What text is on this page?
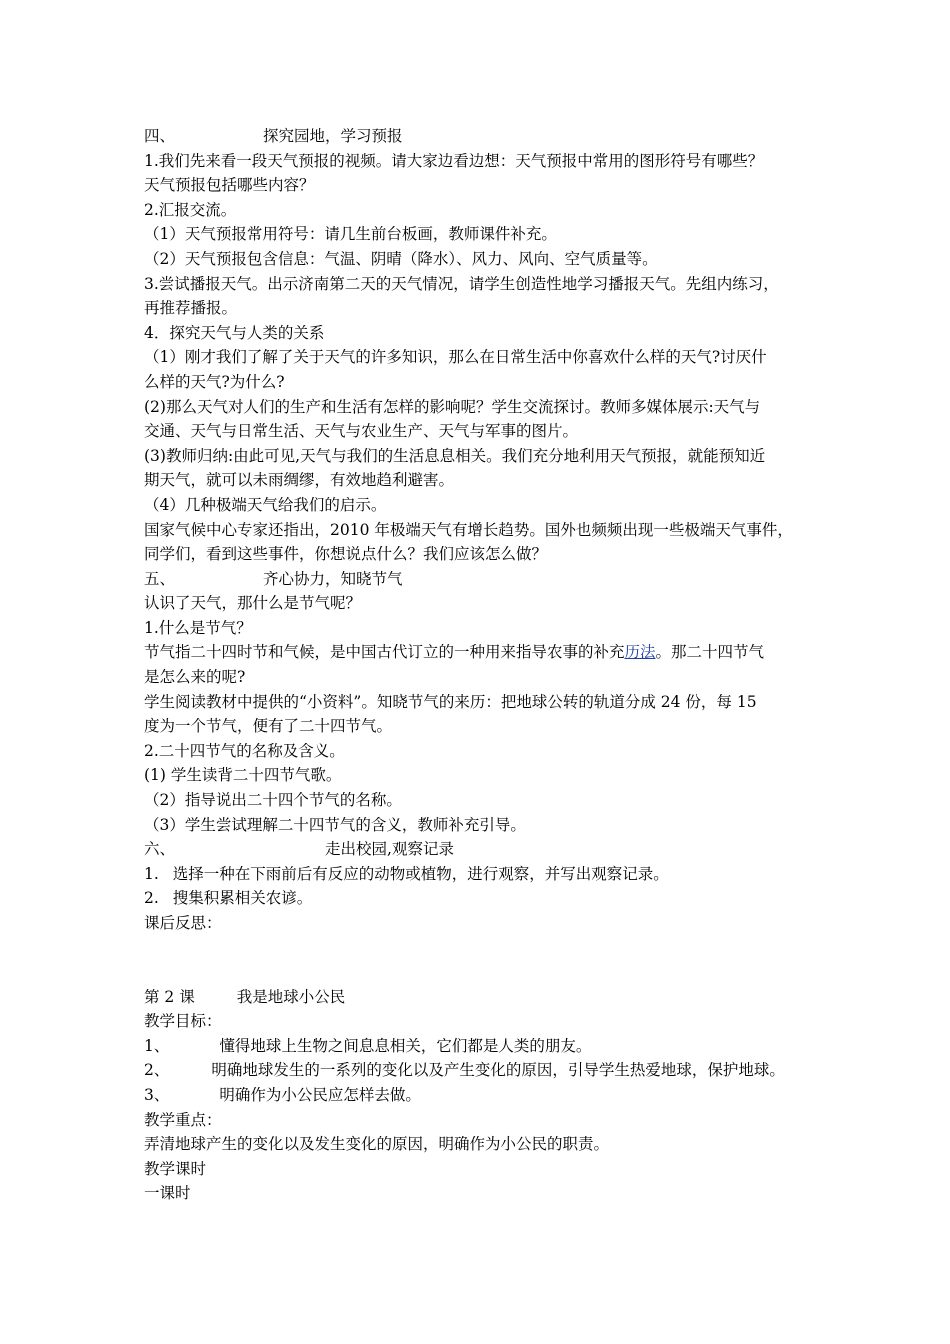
四、	探究园地，学习预报
1.我们先来看一段天气预报的视频。请大家边看边想：天气预报中常用的图形符号有哪些？
天气预报包括哪些内容？
2.汇报交流。
（1）天气预报常用符号：请几生前台板画，教师课件补充。
（2）天气预报包含信息：气温、阴晴（降水）、风力、风向、空气质量等。
3.尝试播报天气。出示济南第二天的天气情况，请学生创造性地学习播报天气。先组内练习，
再推荐播报。
4．探究天气与人类的关系
（1）刚才我们了解了关于天气的许多知识，那么在日常生活中你喜欢什么样的天气?讨厌什
么样的天气?为什么?
(2)那么天气对人们的生产和生活有怎样的影响呢？学生交流探讨。教师多媒体展示:天气与
交通、天气与日常生活、天气与农业生产、天气与军事的图片。
(3)教师归纳:由此可见,天气与我们的生活息息相关。我们充分地利用天气预报，就能预知近
期天气，就可以未雨绸缪，有效地趋利避害。
（4）几种极端天气给我们的启示。
国家气候中心专家还指出，2010 年极端天气有增长趋势。国外也频频出现一些极端天气事件，
同学们，看到这些事件，你想说点什么？我们应该怎么做？
五、	齐心协力，知晓节气
认识了天气，那什么是节气呢？
1.什么是节气？
节气指二十四时节和气候，是中国古代订立的一种用来指导农事的补充历法。那二十四节气
是怎么来的呢?
学生阅读教材中提供的“小资料”。知晓节气的来历：把地球公转的轨道分成 24 份，每 15
度为一个节气，便有了二十四节气。
2.二十四节气的名称及含义。
(1) 学生读背二十四节气歌。
（2）指导说出二十四个节气的名称。
（3）学生尝试理解二十四节气的含义，教师补充引导。
六、	走出校园,观察记录
1. 选择一种在下雨前后有反应的动物或植物，进行观察，并写出观察记录。
2. 搜集积累相关农谚。
课后反思：
第 2 课	我是地球小公民
教学目标：
1、	懂得地球上生物之间息息相关，它们都是人类的朋友。
2、	明确地球发生的一系列的变化以及产生变化的原因，引导学生热爱地球，保护地球。
3、	明确作为小公民应怎样去做。
教学重点：
弄清地球产生的变化以及发生变化的原因，明确作为小公民的职责。
教学课时
一课时
